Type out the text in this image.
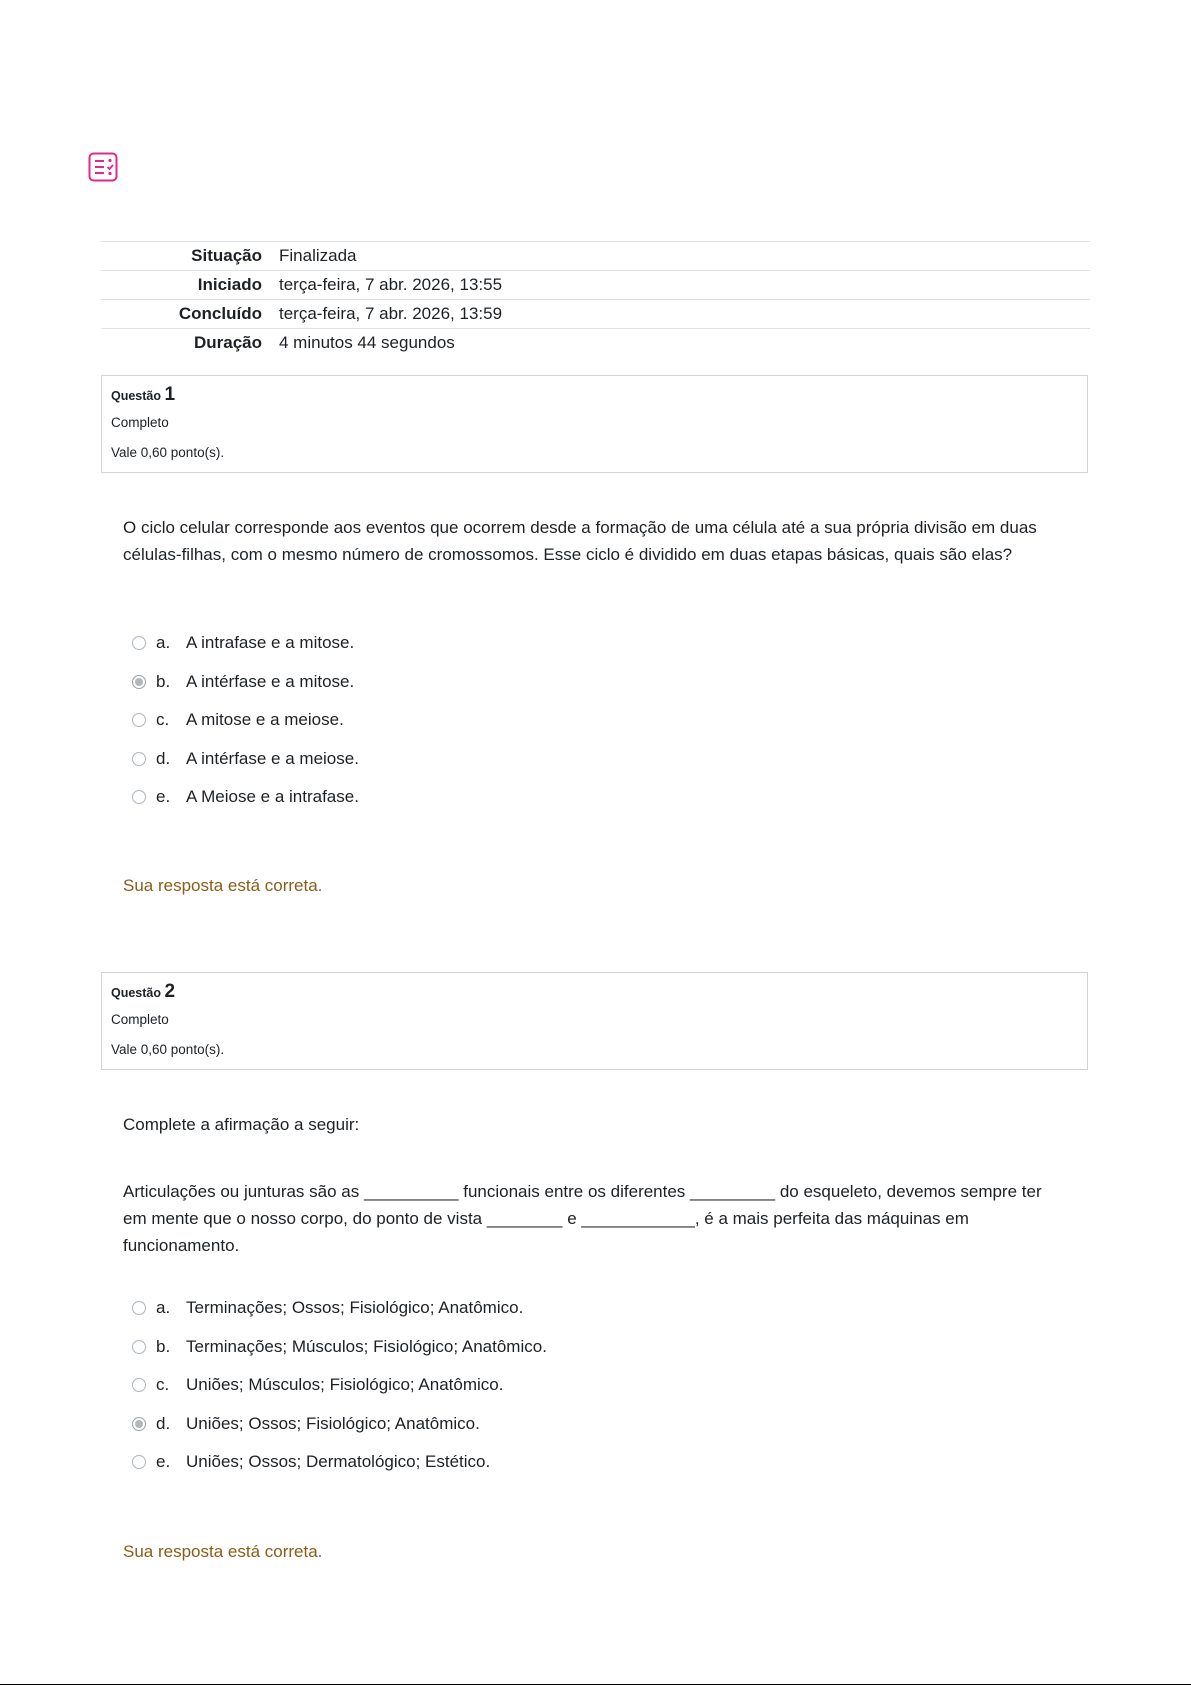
Situação	Finalizada
Iniciado	terça-feira, 7 abr. 2026, 13:55
Concluído	terça-feira, 7 abr. 2026, 13:59
Duração	4 minutos 44 segundos
Questão 1
Completo
Vale 0,60 ponto(s).

O ciclo celular corresponde aos eventos que ocorrem desde a formação de uma célula até a sua própria divisão em duas células-filhas, com o mesmo número de cromossomos. Esse ciclo é dividido em duas etapas básicas, quais são elas?

a. A intrafase e a mitose.
b. A intérfase e a mitose.
c. A mitose e a meiose.
d. A intérfase e a meiose.
e. A Meiose e a intrafase.
Sua resposta está correta.
Questão 2
Completo
Vale 0,60 ponto(s).

Complete a afirmação a seguir:

Articulações ou junturas são as __________ funcionais entre os diferentes _________ do esqueleto, devemos sempre ter em mente que o nosso corpo, do ponto de vista ________ e ____________, é a mais perfeita das máquinas em funcionamento.

a. Terminações; Ossos; Fisiológico; Anatômico.
b. Terminações; Músculos; Fisiológico; Anatômico.
c. Uniões; Músculos; Fisiológico; Anatômico.
d. Uniões; Ossos; Fisiológico; Anatômico.
e. Uniões; Ossos; Dermatológico; Estético.
Sua resposta está correta.
